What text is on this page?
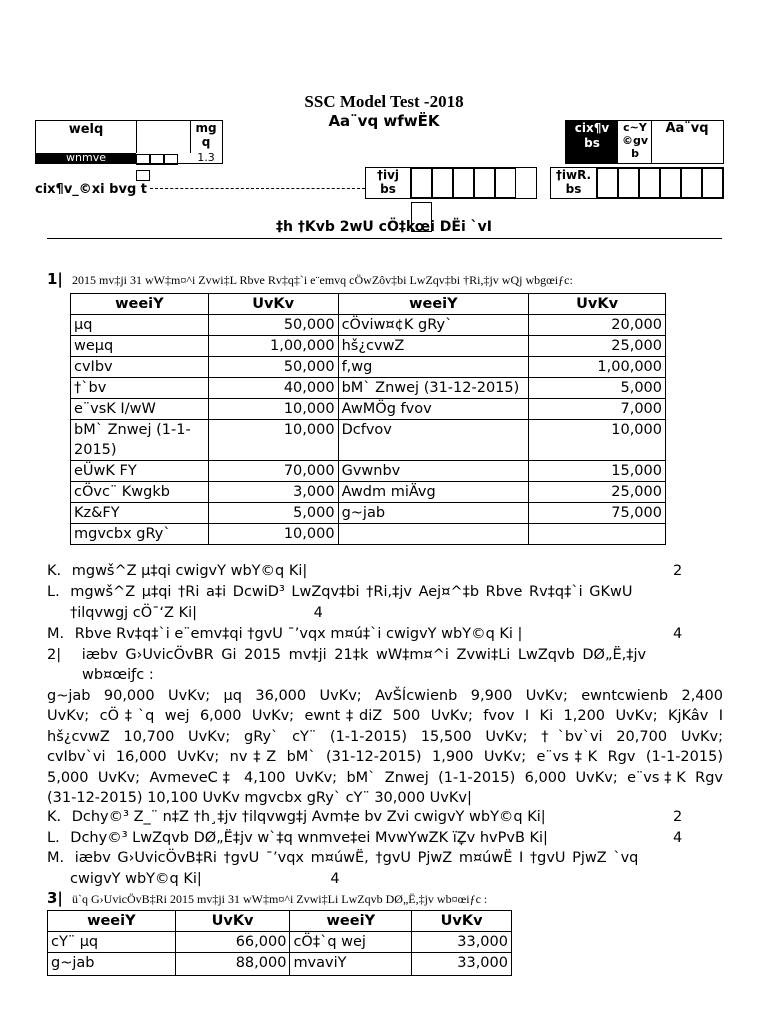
SSC Model Test -2018
Aa¨vq wfwËK
welq	mg
q
wnmve	1.3
cix¶v_©xi bvg t
†ivj
bs
cix¶v
bs
c~Y
©gv
b
Aa¨vq
†iwR.
bs
‡h †Kvb 2wU cÖ‡kœi DËi `vI
1| 2015 mv‡ji 31 wW‡m¤^i Zvwi‡L Rbve Rv‡q‡`i e¨emvq cÖwZôv‡bi LwZqv‡bi †Ri,‡jv wQj wbgœiƒc:
weeiY	UvKv	weeiY	UvKv
µq	50,000	cÖviw¤¢K gRy`	20,000
weµq	1,00,000	hš¿cvwZ	25,000
cvIbv	50,000	f,wg	1,00,000
†`bv	40,000	bM` Znwej (31-12-2015)	5,000
e¨vsK I/wW	10,000	AwMÖg fvov	7,000
bM` Znwej (1-1-2015)	10,000	Dcfvov	10,000
eÜwK FY	70,000	Gvwnbv	15,000
cÖvc¨ Kwgkb	3,000	Awdm miÄvg	25,000
Kz&FY	5,000	g~jab	75,000
mgvcbx gRy`	10,000		
K. mgwš^Z µ‡qi cwigvY wbY©q Ki|	2
L. mgwš^Z µ‡qi †Ri a‡i DcwiD³ LwZqv‡bi †Ri,‡jv Aej¤^‡b Rbve Rv‡q‡`i GKwU
†ilqvwgj cÖ¯‘Z Ki|	4
M. Rbve Rv‡q‡`i e¨emv‡qi †gvU ¯’vqx m¤ú‡`i cwigvY wbY©q Ki |	4
2| iæbv G›UvicÖvBR Gi 2015 mv‡ji 21‡k wW‡m¤^i Zvwi‡Li LwZqvb DØ„Ë,‡jv
wb¤œiƒc :
g~jab 90,000 UvKv; µq 36,000 UvKv; AvŠÍcwienb 9,900 UvKv; ewntcwienb 2,400
UvKv; cÖ‡`q wej 6,000 UvKv; ewnt‡diZ 500 UvKv; fvov I Ki 1,200 UvKv; KjKâv I
hš¿cvwZ 10,700 UvKv; gRy` cY¨ (1-1-2015) 15,500 UvKv; †`bv`vi 20,700 UvKv;
cvIbv`vi 16,000 UvKv; nv‡Z bM` (31-12-2015) 1,900 UvKv; e¨vs‡K Rgv (1-1-2015)
5,000 UvKv; AvmeveC‡ 4,100 UvKv; bM` Znwej (1-1-2015) 6,000 UvKv; e¨vs‡K Rgv
(31-12-2015) 10,100 UvKv mgvcbx gRy` cY¨ 30,000 UvKv|
K. Dchy©³ Z_¨ n‡Z †h¸‡jv †ilqvwg‡j Avm‡e bv Zvi cwigvY wbY©q Ki|	2
L. Dchy©³ LwZqvb DØ„Ë‡jv w`‡q wnmve‡ei MvwYwZK ïׇZv hvPvB Ki|	4
M. iæbv G›UvicÖvB‡Ri †gvU ¯’vqx m¤úwË, †gvU PjwZ m¤úwË I †gvU PjwZ `vq
cwigvY wbY©q Ki|	4
3| ü`q G›UvicÖvB‡Ri 2015 mv‡ji 31 wW‡m¤^i Zvwi‡Li LwZqvb DØ„Ë,‡jv wb¤œiƒc :
weeiY	UvKv	weeiY	UvKv
cY¨ µq	66,000	cÖ‡`q wej	33,000
g~jab	88,000	mvaviY	33,000
